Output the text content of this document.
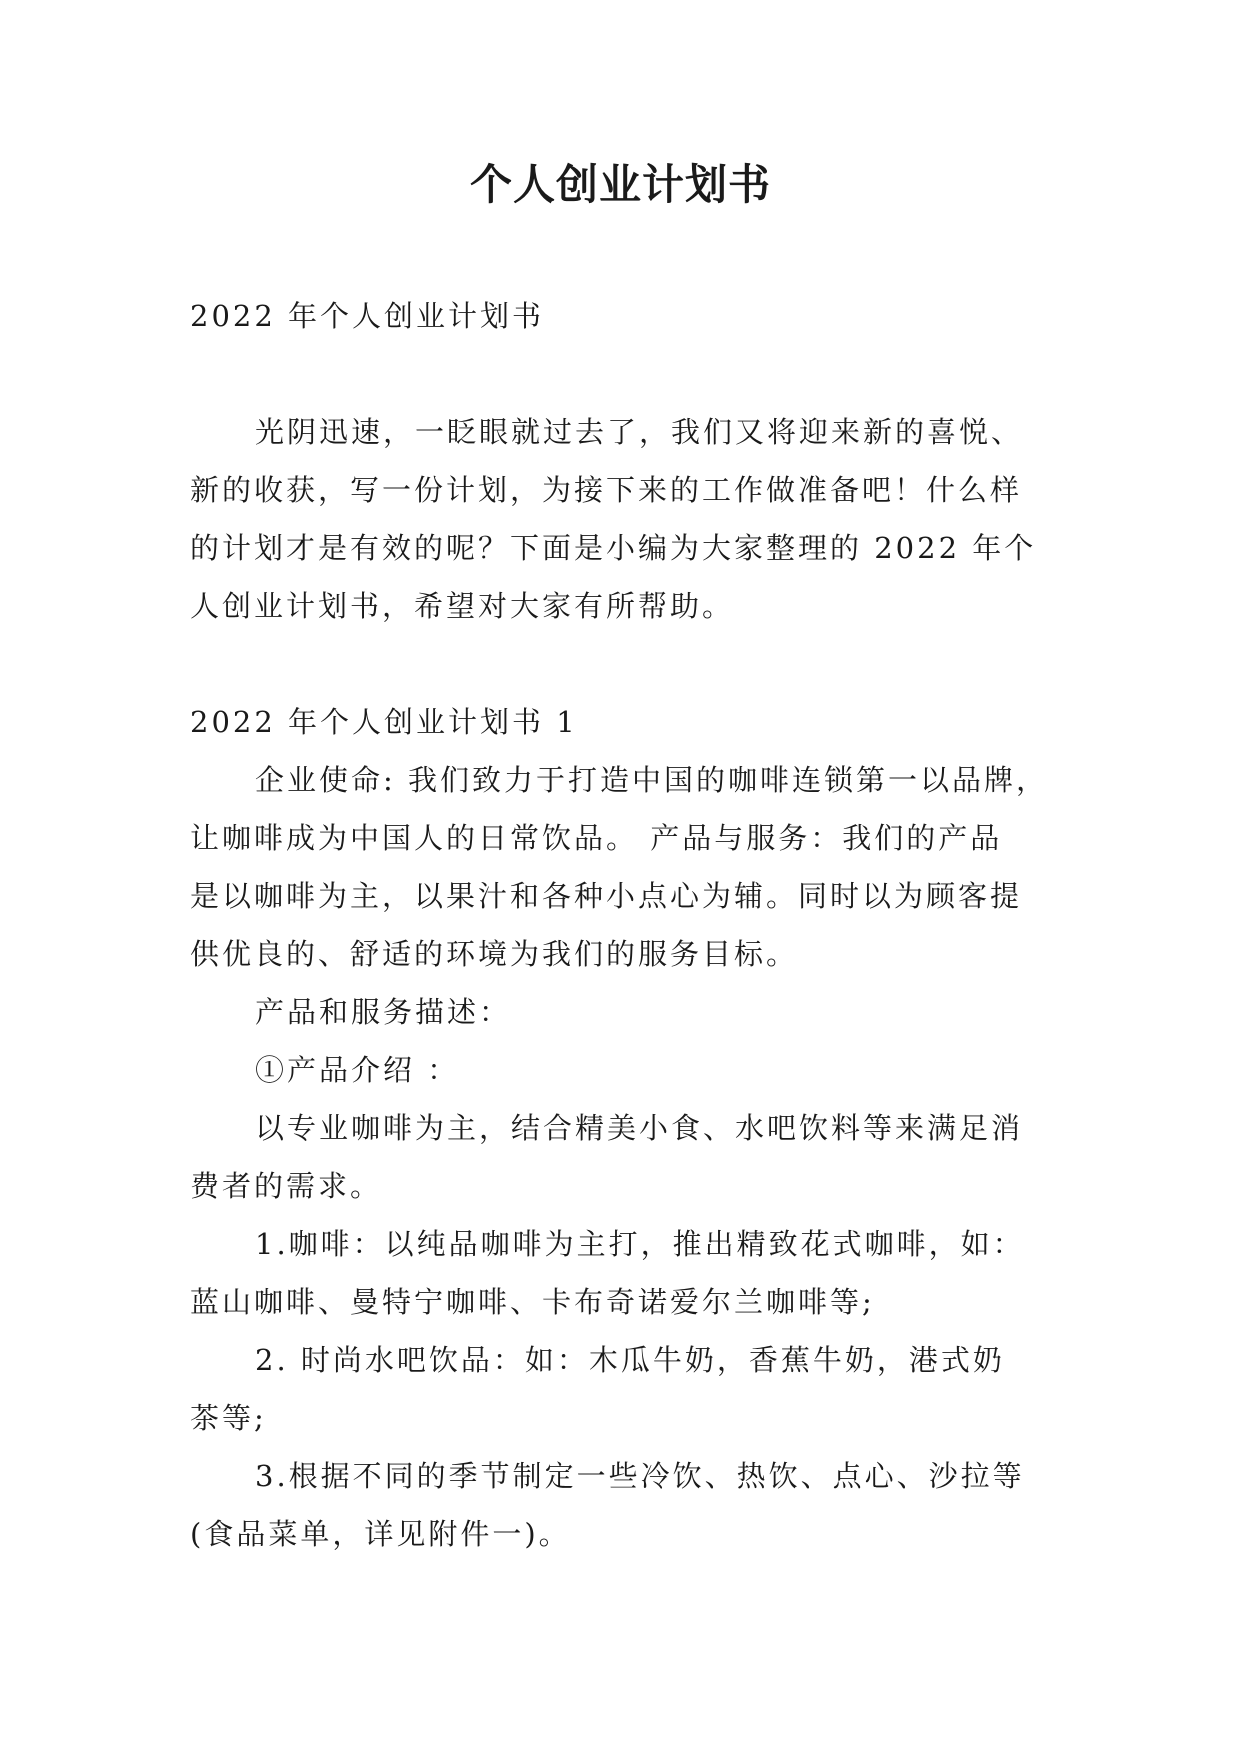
个人创业计划书

2022 年个人创业计划书

光阴迅速，一眨眼就过去了，我们又将迎来新的喜悦、

新的收获，写一份计划，为接下来的工作做准备吧！什么样

的计划才是有效的呢？下面是小编为大家整理的 2022 年个

人创业计划书，希望对大家有所帮助。

2022 年个人创业计划书 1

企业使命: 我们致力于打造中国的咖啡连锁第一以品牌，

让咖啡成为中国人的日常饮品。 产品与服务：我们的产品

是以咖啡为主，以果汁和各种小点心为辅。同时以为顾客提

供优良的、舒适的环境为我们的服务目标。

产品和服务描述：

①产品介绍 ：

以专业咖啡为主，结合精美小食、水吧饮料等来满足消

费者的需求。

1.咖啡：以纯品咖啡为主打，推出精致花式咖啡，如：

蓝山咖啡、曼特宁咖啡、卡布奇诺爱尔兰咖啡等;

2. 时尚水吧饮品：如：木瓜牛奶，香蕉牛奶，港式奶

茶等;

3.根据不同的季节制定一些冷饮、热饮、点心、沙拉等

(食品菜单，详见附件一)。
